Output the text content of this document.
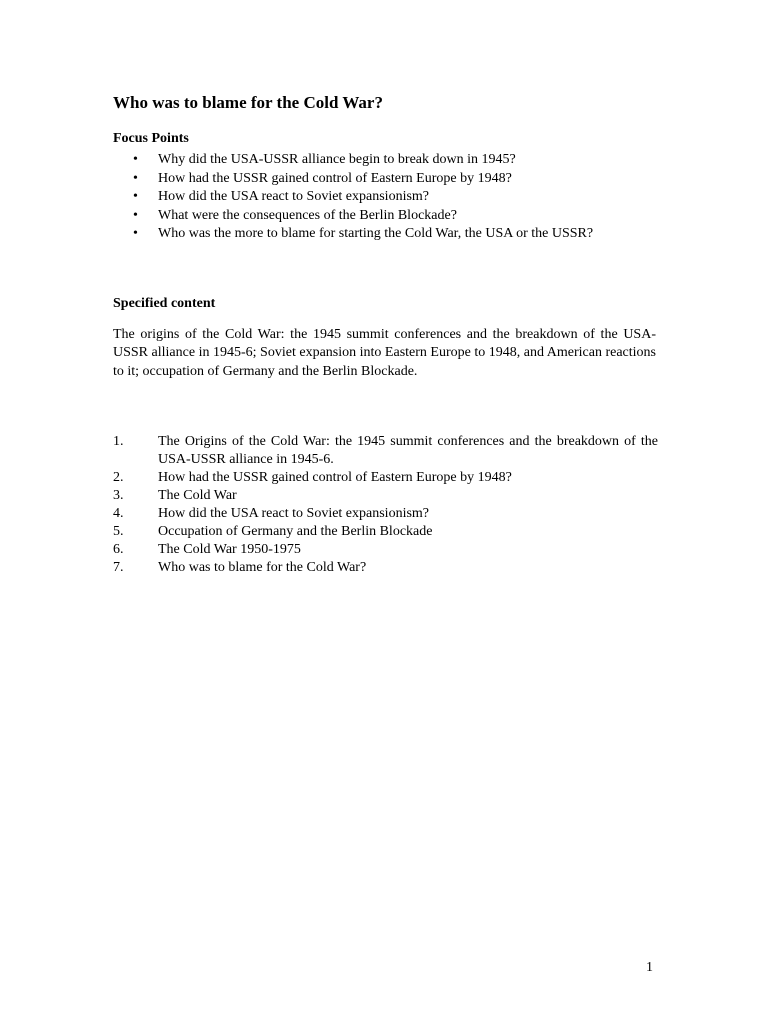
Who was to blame for the Cold War?
Focus Points
• Why did the USA-USSR alliance begin to break down in 1945?
• How had the USSR gained control of Eastern Europe by 1948?
• How did the USA react to Soviet expansionism?
• What were the consequences of the Berlin Blockade?
• Who was the more to blame for starting the Cold War, the USA or the USSR?
Specified content

The origins of the Cold War: the 1945 summit conferences and the breakdown of the USA-USSR alliance in 1945-6; Soviet expansion into Eastern Europe to 1948, and American reactions to it; occupation of Germany and the Berlin Blockade.

1. The Origins of the Cold War: the 1945 summit conferences and the breakdown of the USA-USSR alliance in 1945-6.
2. How had the USSR gained control of Eastern Europe by 1948?
3. The Cold War
4. How did the USA react to Soviet expansionism?
5. Occupation of Germany and the Berlin Blockade
6. The Cold War 1950-1975
7. Who was to blame for the Cold War?
1
